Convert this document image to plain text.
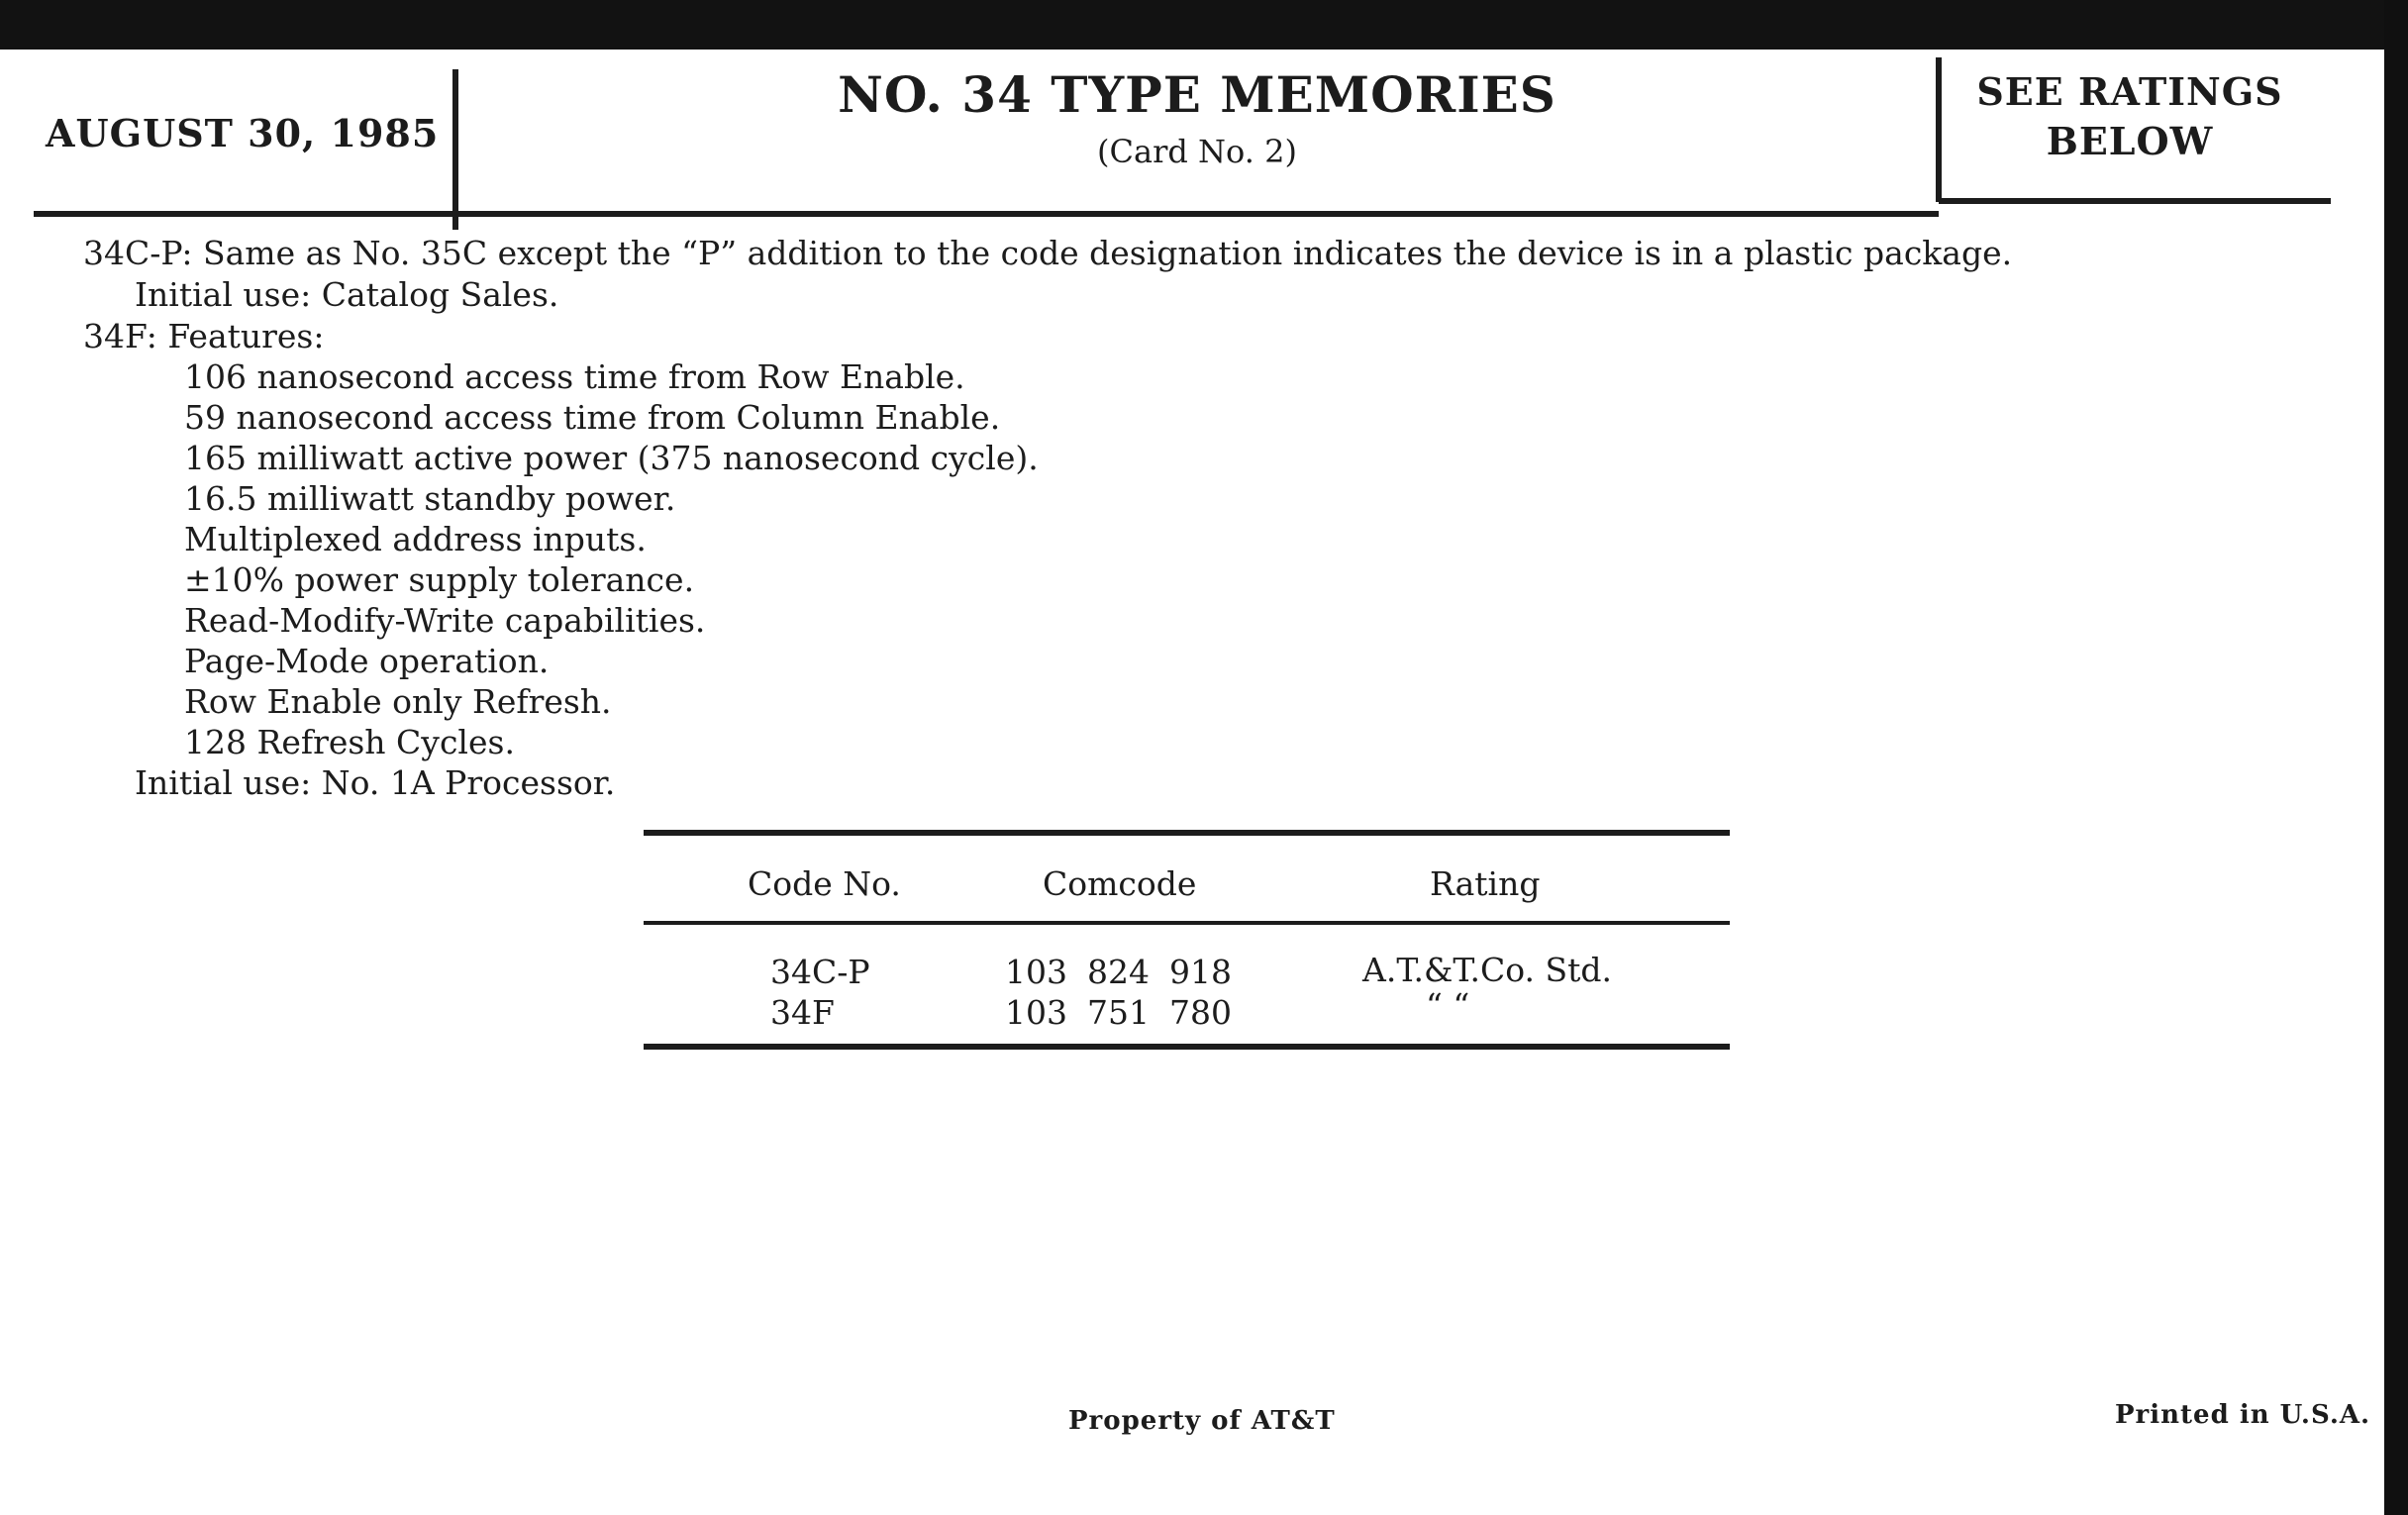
AUGUST 30, 1985
NO. 34 TYPE MEMORIES
(Card No. 2)
SEE RATINGS
BELOW
34C-P: Same as No. 35C except the “P” addition to the code designation indicates the device is in a plastic package.
Initial use: Catalog Sales.
34F: Features:
106 nanosecond access time from Row Enable.
59 nanosecond access time from Column Enable.
165 milliwatt active power (375 nanosecond cycle).
16.5 milliwatt standby power.
Multiplexed address inputs.
±10% power supply tolerance.
Read-Modify-Write capabilities.
Page-Mode operation.
Row Enable only Refresh.
128 Refresh Cycles.
Initial use: No. 1A Processor.
Code No.	Comcode	Rating
34C-P	103 824 918	A.T.&T.Co. Std.
34F	103 751 780	“ “
Property of AT&T	Printed in U.S.A.
